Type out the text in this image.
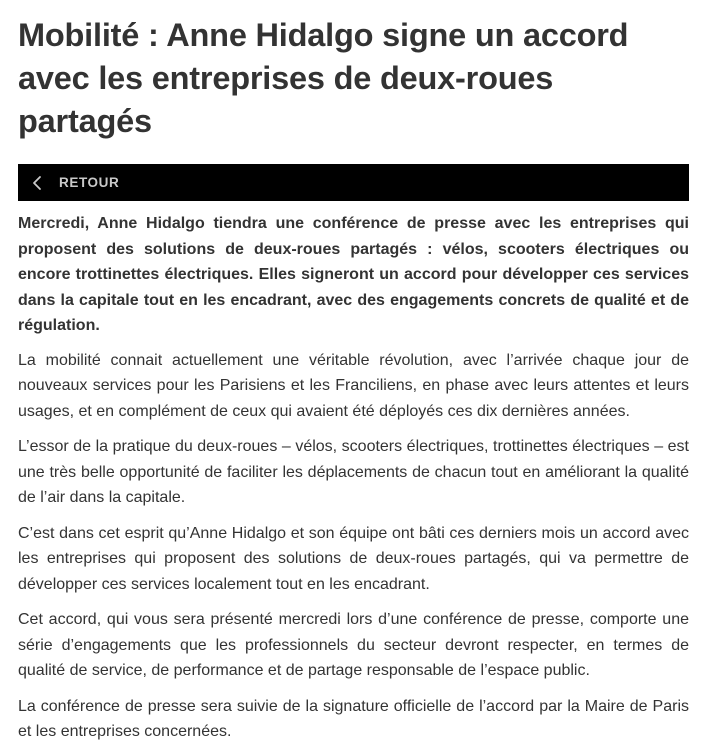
Mobilité : Anne Hidalgo signe un accord avec les entreprises de deux-roues partagés
RETOUR

Mercredi, Anne Hidalgo tiendra une conférence de presse avec les entreprises qui proposent des solutions de deux-roues partagés : vélos, scooters électriques ou encore trottinettes électriques. Elles signeront un accord pour développer ces services dans la capitale tout en les encadrant, avec des engagements concrets de qualité et de régulation.

La mobilité connait actuellement une véritable révolution, avec l’arrivée chaque jour de nouveaux services pour les Parisiens et les Franciliens, en phase avec leurs attentes et leurs usages, et en complément de ceux qui avaient été déployés ces dix dernières années.

L’essor de la pratique du deux-roues – vélos, scooters électriques, trottinettes électriques – est une très belle opportunité de faciliter les déplacements de chacun tout en améliorant la qualité de l’air dans la capitale.

C’est dans cet esprit qu’Anne Hidalgo et son équipe ont bâti ces derniers mois un accord avec les entreprises qui proposent des solutions de deux-roues partagés, qui va permettre de développer ces services localement tout en les encadrant.

Cet accord, qui vous sera présenté mercredi lors d’une conférence de presse, comporte une série d’engagements que les professionnels du secteur devront respecter, en termes de qualité de service, de performance et de partage responsable de l’espace public.

La conférence de presse sera suivie de la signature officielle de l’accord par la Maire de Paris et les entreprises concernées.
